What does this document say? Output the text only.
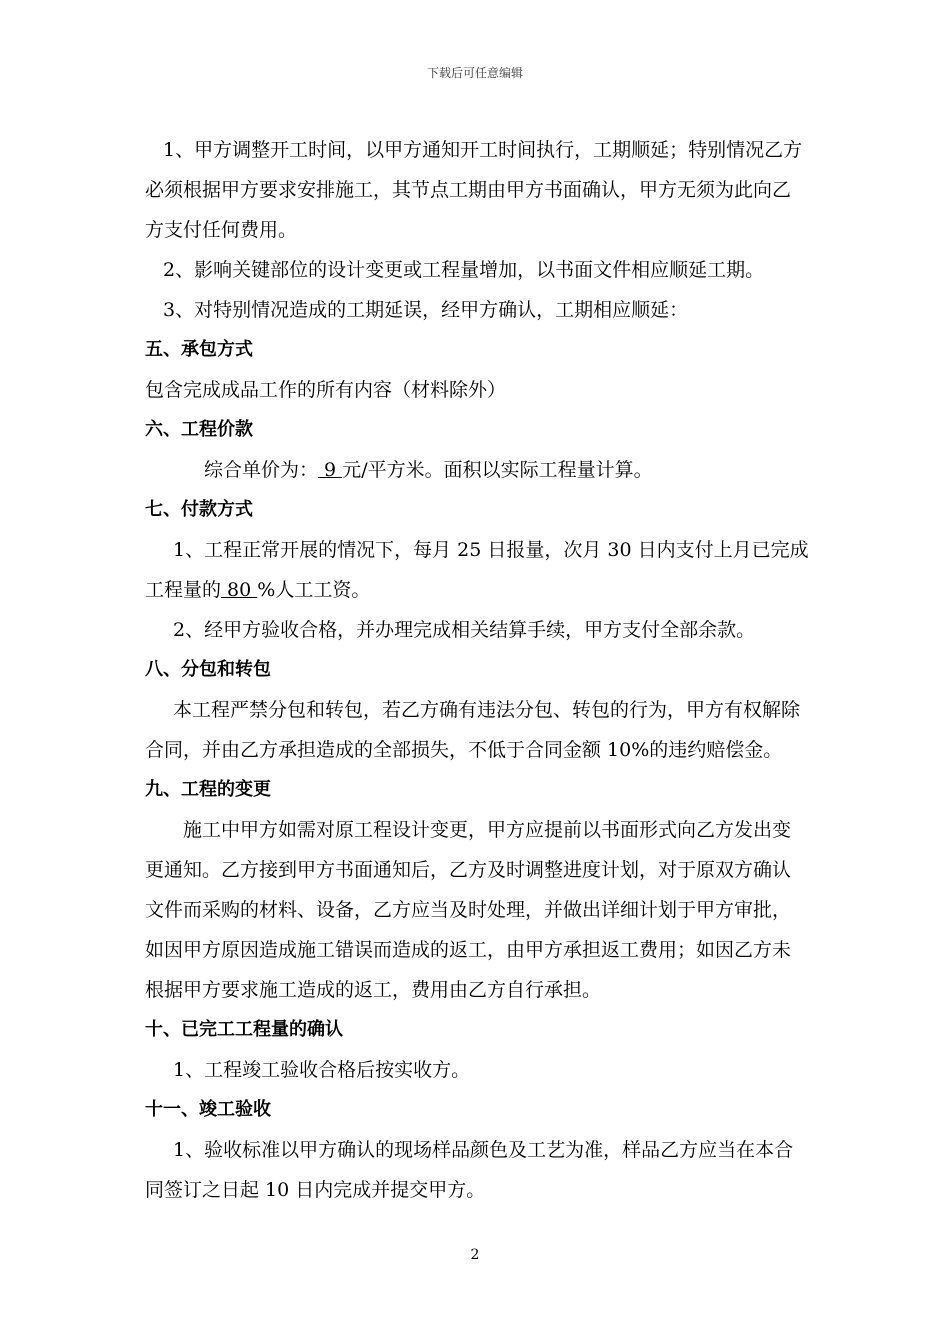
下载后可任意编辑
1、甲方调整开工时间，以甲方通知开工时间执行，工期顺延；特别情况乙方
必须根据甲方要求安排施工，其节点工期由甲方书面确认，甲方无须为此向乙
方支付任何费用。
2、影响关键部位的设计变更或工程量增加，以书面文件相应顺延工期。
3、对特别情况造成的工期延误，经甲方确认，工期相应顺延：
五、承包方式
包含完成成品工作的所有内容（材料除外）
六、工程价款
综合单价为： 9 元/平方米。面积以实际工程量计算。
七、付款方式
1、工程正常开展的情况下，每月 25 日报量，次月 30 日内支付上月已完成
工程量的 80 %人工工资。
2、经甲方验收合格，并办理完成相关结算手续，甲方支付全部余款。
八、分包和转包
本工程严禁分包和转包，若乙方确有违法分包、转包的行为，甲方有权解除
合同，并由乙方承担造成的全部损失，不低于合同金额 10%的违约赔偿金。
九、工程的变更
施工中甲方如需对原工程设计变更，甲方应提前以书面形式向乙方发出变
更通知。乙方接到甲方书面通知后，乙方及时调整进度计划，对于原双方确认
文件而采购的材料、设备，乙方应当及时处理，并做出详细计划于甲方审批，
如因甲方原因造成施工错误而造成的返工，由甲方承担返工费用；如因乙方未
根据甲方要求施工造成的返工，费用由乙方自行承担。
十、已完工工程量的确认
1、工程竣工验收合格后按实收方。
十一、竣工验收
1、验收标准以甲方确认的现场样品颜色及工艺为准，样品乙方应当在本合
同签订之日起 10 日内完成并提交甲方。
2
